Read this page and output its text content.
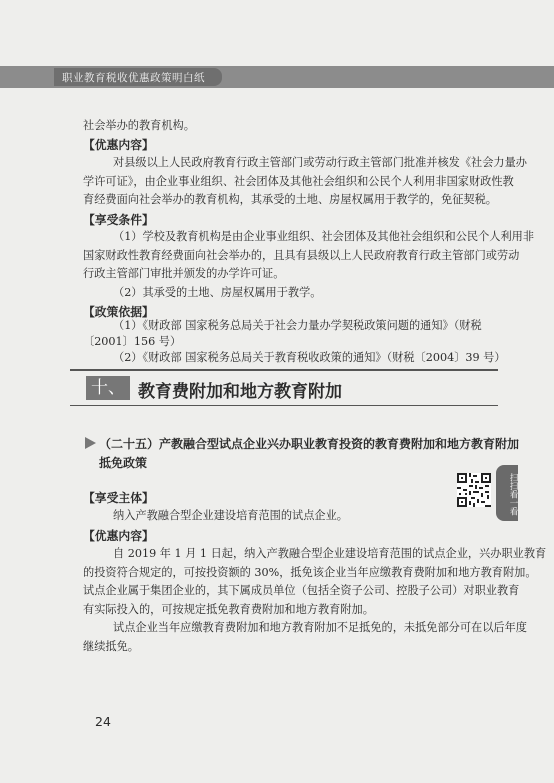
职业教育税收优惠政策明白纸
社会举办的教育机构。
【优惠内容】
对县级以上人民政府教育行政主管部门或劳动行政主管部门批准并核发《社会力量办
学许可证》，由企业事业组织、社会团体及其他社会组织和公民个人利用非国家财政性教
育经费面向社会举办的教育机构，其承受的土地、房屋权属用于教学的，免征契税。
【享受条件】
（1）学校及教育机构是由企业事业组织、社会团体及其他社会组织和公民个人利用非
国家财政性教育经费面向社会举办的，且具有县级以上人民政府教育行政主管部门或劳动
行政主管部门审批并颁发的办学许可证。
（2）其承受的土地、房屋权属用于教学。
【政策依据】
（1）《财政部 国家税务总局关于社会力量办学契税政策问题的通知》（财税
〔2001〕156 号）
（2）《财政部 国家税务总局关于教育税收政策的通知》（财税〔2004〕39 号）
十、 教育费附加和地方教育附加
（二十五）产教融合型试点企业兴办职业教育投资的教育费附加和地方教育附加
抵免政策
扫扫看一看
【享受主体】
纳入产教融合型企业建设培育范围的试点企业。
【优惠内容】
自 2019 年 1 月 1 日起，纳入产教融合型企业建设培育范围的试点企业，兴办职业教育
的投资符合规定的，可按投资额的 30%，抵免该企业当年应缴教育费附加和地方教育附加。
试点企业属于集团企业的，其下属成员单位（包括全资子公司、控股子公司）对职业教育
有实际投入的，可按规定抵免教育费附加和地方教育附加。
试点企业当年应缴教育费附加和地方教育附加不足抵免的，未抵免部分可在以后年度
继续抵免。
24
